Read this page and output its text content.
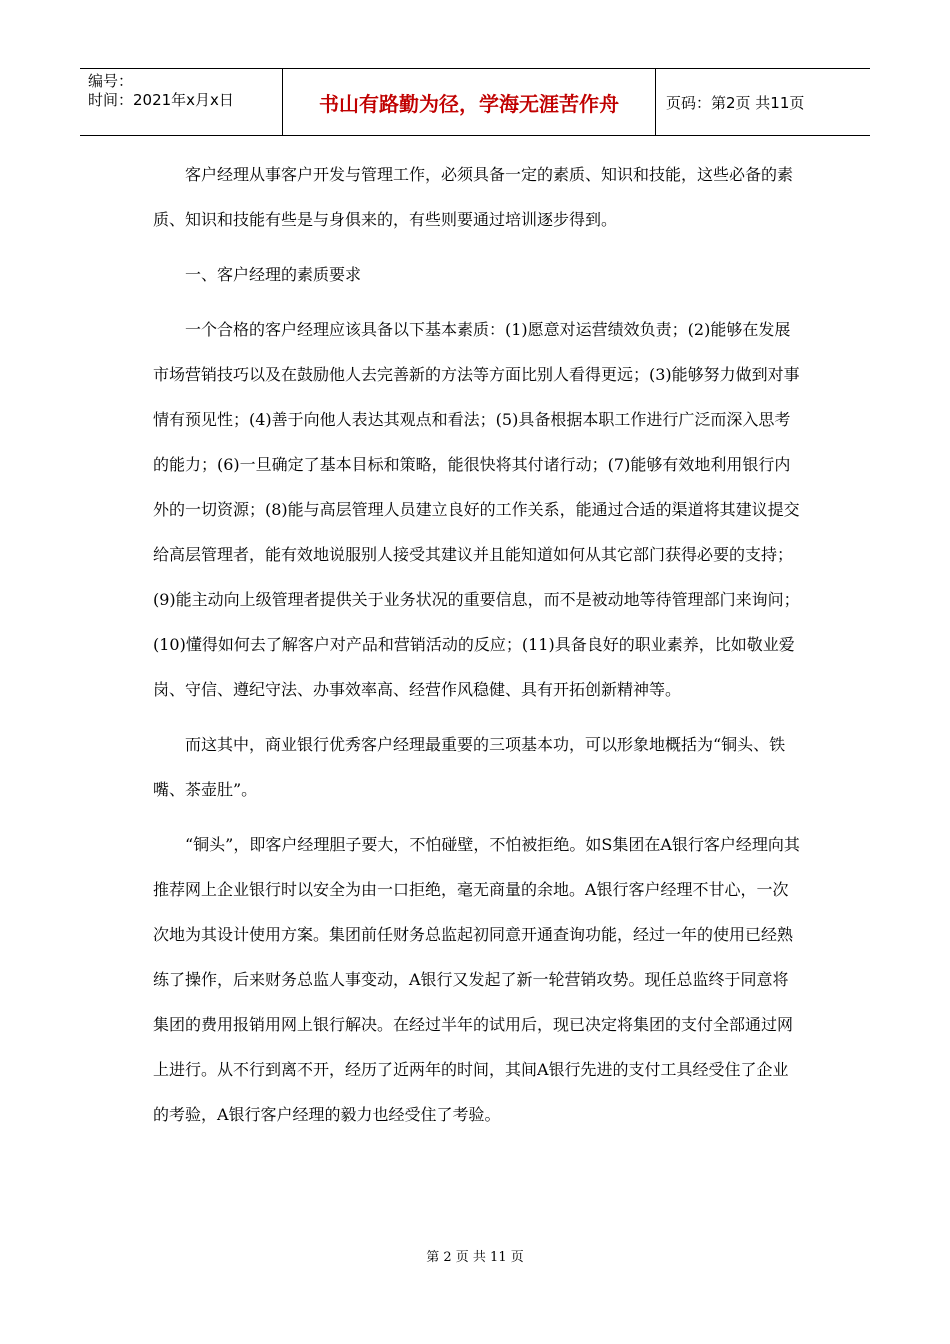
编号：
时间：2021年x月x日	书山有路勤为径，学海无涯苦作舟	页码：第2页 共11页

客户经理从事客户开发与管理工作，必须具备一定的素质、知识和技能，这些必备的素质、知识和技能有些是与身俱来的，有些则要通过培训逐步得到。

一、客户经理的素质要求

一个合格的客户经理应该具备以下基本素质：(1)愿意对运营绩效负责；(2)能够在发展市场营销技巧以及在鼓励他人去完善新的方法等方面比别人看得更远；(3)能够努力做到对事情有预见性；(4)善于向他人表达其观点和看法；(5)具备根据本职工作进行广泛而深入思考的能力；(6)一旦确定了基本目标和策略，能很快将其付诸行动；(7)能够有效地利用银行内外的一切资源；(8)能与高层管理人员建立良好的工作关系，能通过合适的渠道将其建议提交给高层管理者，能有效地说服别人接受其建议并且能知道如何从其它部门获得必要的支持；(9)能主动向上级管理者提供关于业务状况的重要信息，而不是被动地等待管理部门来询问；(10)懂得如何去了解客户对产品和营销活动的反应；(11)具备良好的职业素养，比如敬业爱岗、守信、遵纪守法、办事效率高、经营作风稳健、具有开拓创新精神等。

而这其中，商业银行优秀客户经理最重要的三项基本功，可以形象地概括为“铜头、铁嘴、茶壶肚”。

“铜头”，即客户经理胆子要大，不怕碰壁，不怕被拒绝。如S集团在A银行客户经理向其推荐网上企业银行时以安全为由一口拒绝，毫无商量的余地。A银行客户经理不甘心，一次次地为其设计使用方案。集团前任财务总监起初同意开通查询功能，经过一年的使用已经熟练了操作，后来财务总监人事变动，A银行又发起了新一轮营销攻势。现任总监终于同意将集团的费用报销用网上银行解决。在经过半年的试用后，现已决定将集团的支付全部通过网上进行。从不行到离不开，经历了近两年的时间，其间A银行先进的支付工具经受住了企业的考验，A银行客户经理的毅力也经受住了考验。

第 2 页 共 11 页
